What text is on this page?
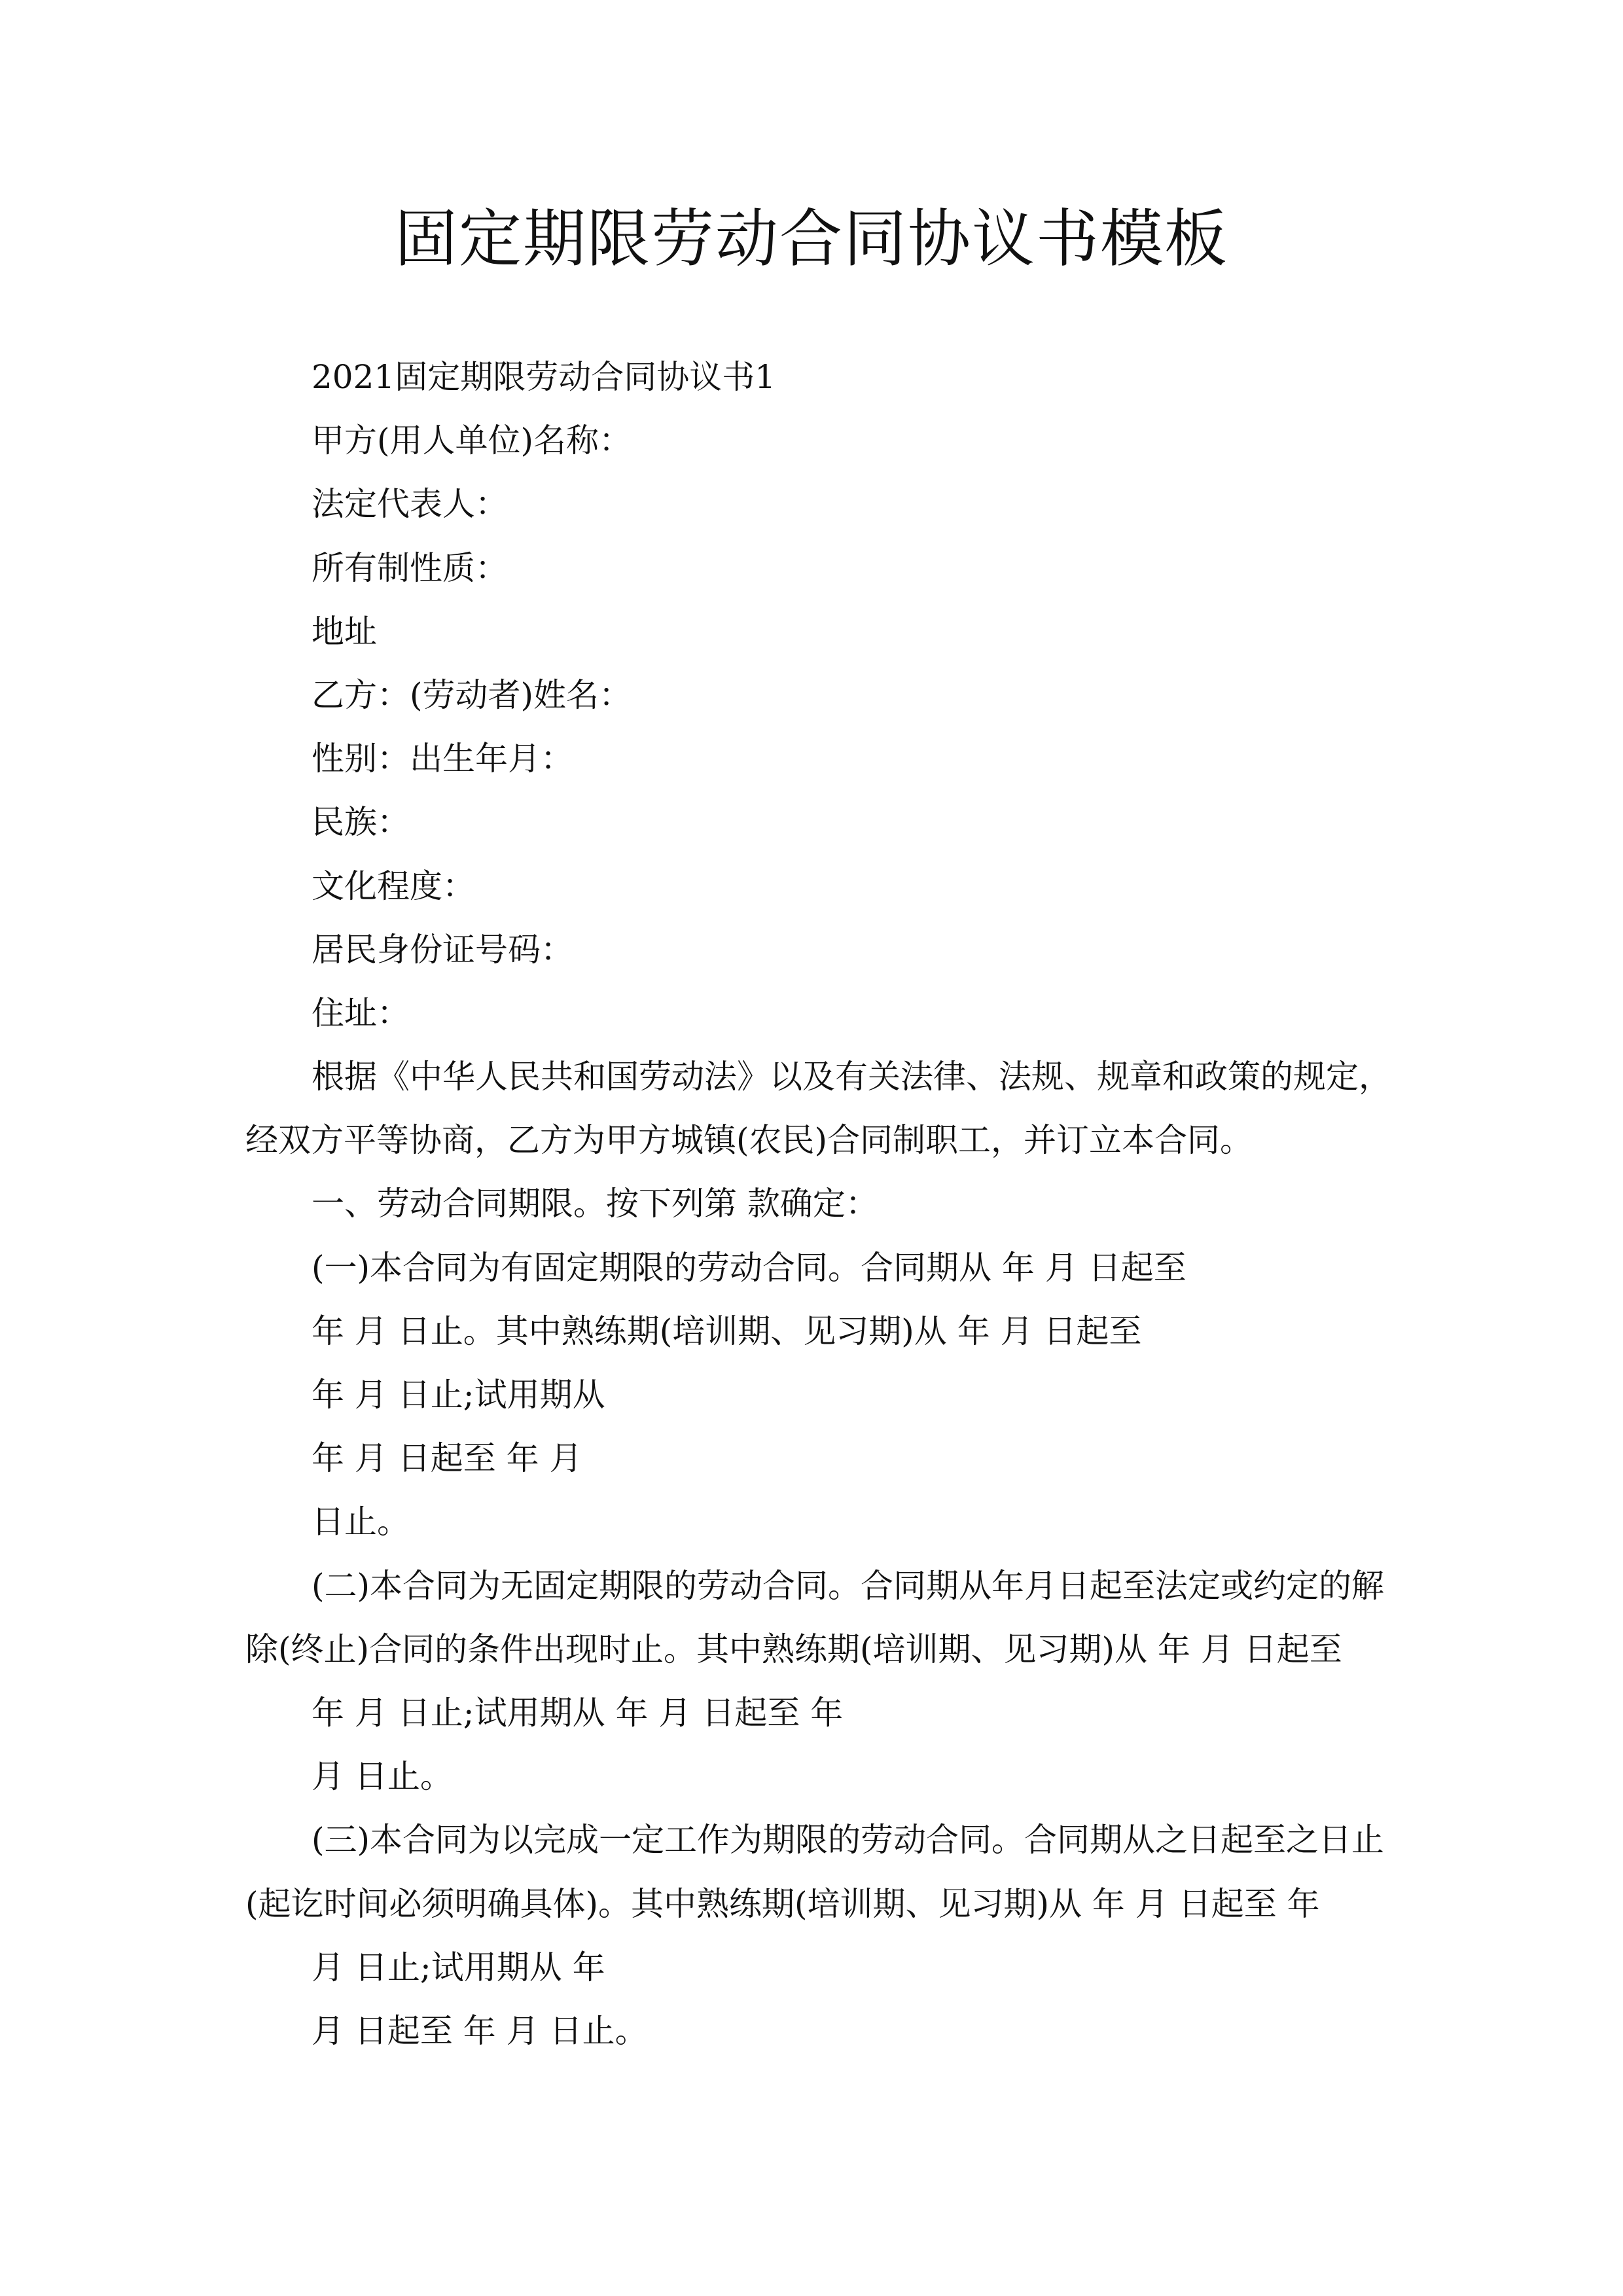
固定期限劳动合同协议书模板
2021固定期限劳动合同协议书1
甲方(用人单位)名称：
法定代表人：
所有制性质：
地址
乙方：(劳动者)姓名：
性别：出生年月：
民族：
文化程度：
居民身份证号码：
住址：
根据《中华人民共和国劳动法》以及有关法律、法规、规章和政策的规定，
经双方平等协商，乙方为甲方城镇(农民)合同制职工，并订立本合同。
一、劳动合同期限。按下列第 款确定：
(一)本合同为有固定期限的劳动合同。合同期从 年 月 日起至
年 月 日止。其中熟练期(培训期、见习期)从 年 月 日起至
年 月 日止;试用期从
年 月 日起至 年 月
日止。
(二)本合同为无固定期限的劳动合同。合同期从年月日起至法定或约定的解
除(终止)合同的条件出现时止。其中熟练期(培训期、见习期)从 年 月 日起至
年 月 日止;试用期从 年 月 日起至 年
月 日止。
(三)本合同为以完成一定工作为期限的劳动合同。合同期从之日起至之日止
(起讫时间必须明确具体)。其中熟练期(培训期、见习期)从 年 月 日起至 年
月 日止;试用期从 年
月 日起至 年 月 日止。
